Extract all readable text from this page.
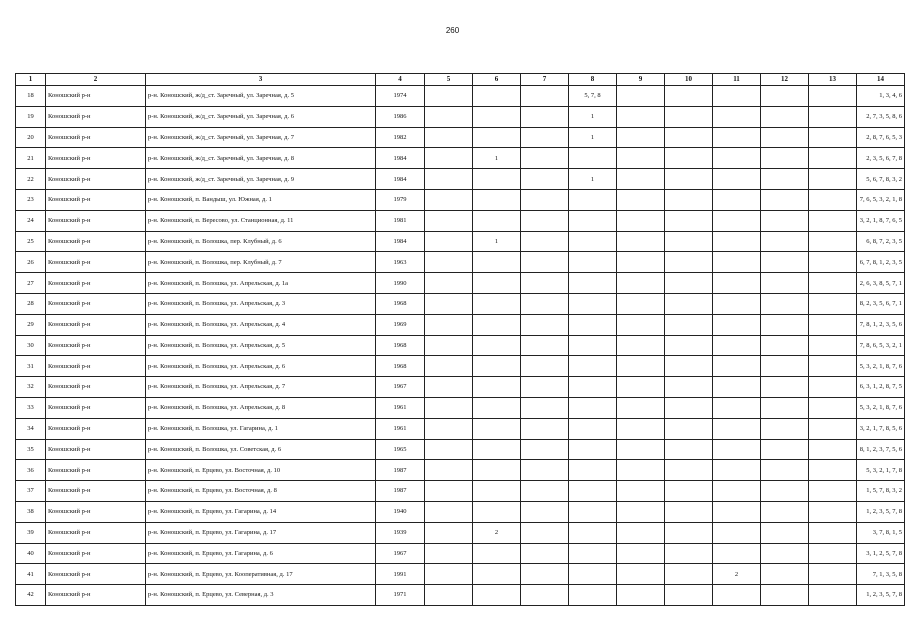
260
1	2	3	4	5	6	7	8	9	10	11	12	13	14
18	Коношский р-н	р-н. Коношский, ж/д_ст. Заречный, ул. Заречная, д. 5	1974				5, 7, 8						1, 3, 4, 6
19	Коношский р-н	р-н. Коношский, ж/д_ст. Заречный, ул. Заречная, д. 6	1986				1						2, 7, 3, 5, 8, 6
20	Коношский р-н	р-н. Коношский, ж/д_ст. Заречный, ул. Заречная, д. 7	1982				1						2, 8, 7, 6, 5, 3
21	Коношский р-н	р-н. Коношский, ж/д_ст. Заречный, ул. Заречная, д. 8	1984		1								2, 3, 5, 6, 7, 8
22	Коношский р-н	р-н. Коношский, ж/д_ст. Заречный, ул. Заречная, д. 9	1984				1						5, 6, 7, 8, 3, 2
23	Коношский р-н	р-н. Коношский, п. Вандыш, ул. Южная, д. 1	1979										7, 6, 5, 3, 2, 1, 8
24	Коношский р-н	р-н. Коношский, п. Вересово, ул. Станционная, д. 11	1981										3, 2, 1, 8, 7, 6, 5
25	Коношский р-н	р-н. Коношский, п. Волошка, пер. Клубный, д. 6	1984		1								6, 8, 7, 2, 3, 5
26	Коношский р-н	р-н. Коношский, п. Волошка, пер. Клубный, д. 7	1963										6, 7, 8, 1, 2, 3, 5
27	Коношский р-н	р-н. Коношский, п. Волошка, ул. Апрельская, д. 1а	1990										2, 6, 3, 8, 5, 7, 1
28	Коношский р-н	р-н. Коношский, п. Волошка, ул. Апрельская, д. 3	1968										8, 2, 3, 5, 6, 7, 1
29	Коношский р-н	р-н. Коношский, п. Волошка, ул. Апрельская, д. 4	1969										7, 8, 1, 2, 3, 5, 6
30	Коношский р-н	р-н. Коношский, п. Волошка, ул. Апрельская, д. 5	1968										7, 8, 6, 5, 3, 2, 1
31	Коношский р-н	р-н. Коношский, п. Волошка, ул. Апрельская, д. 6	1968										5, 3, 2, 1, 8, 7, 6
32	Коношский р-н	р-н. Коношский, п. Волошка, ул. Апрельская, д. 7	1967										6, 3, 1, 2, 8, 7, 5
33	Коношский р-н	р-н. Коношский, п. Волошка, ул. Апрельская, д. 8	1961										5, 3, 2, 1, 8, 7, 6
34	Коношский р-н	р-н. Коношский, п. Волошка, ул. Гагарина, д. 1	1961										3, 2, 1, 7, 8, 5, 6
35	Коношский р-н	р-н. Коношский, п. Волошка, ул. Советская, д. 6	1965										8, 1, 2, 3, 7, 5, 6
36	Коношский р-н	р-н. Коношский, п. Ерцево, ул. Восточная, д. 10	1987										5, 3, 2, 1, 7, 8
37	Коношский р-н	р-н. Коношский, п. Ерцево, ул. Восточная, д. 8	1987										1, 5, 7, 8, 3, 2
38	Коношский р-н	р-н. Коношский, п. Ерцево, ул. Гагарина, д. 14	1940										1, 2, 3, 5, 7, 8
39	Коношский р-н	р-н. Коношский, п. Ерцево, ул. Гагарина, д. 17	1939		2								3, 7, 8, 1, 5
40	Коношский р-н	р-н. Коношский, п. Ерцево, ул. Гагарина, д. 6	1967										3, 1, 2, 5, 7, 8
41	Коношский р-н	р-н. Коношский, п. Ерцево, ул. Кооперативная, д. 17	1991							2			7, 1, 3, 5, 8
42	Коношский р-н	р-н. Коношский, п. Ерцево, ул. Северная, д. 3	1971										1, 2, 3, 5, 7, 8
